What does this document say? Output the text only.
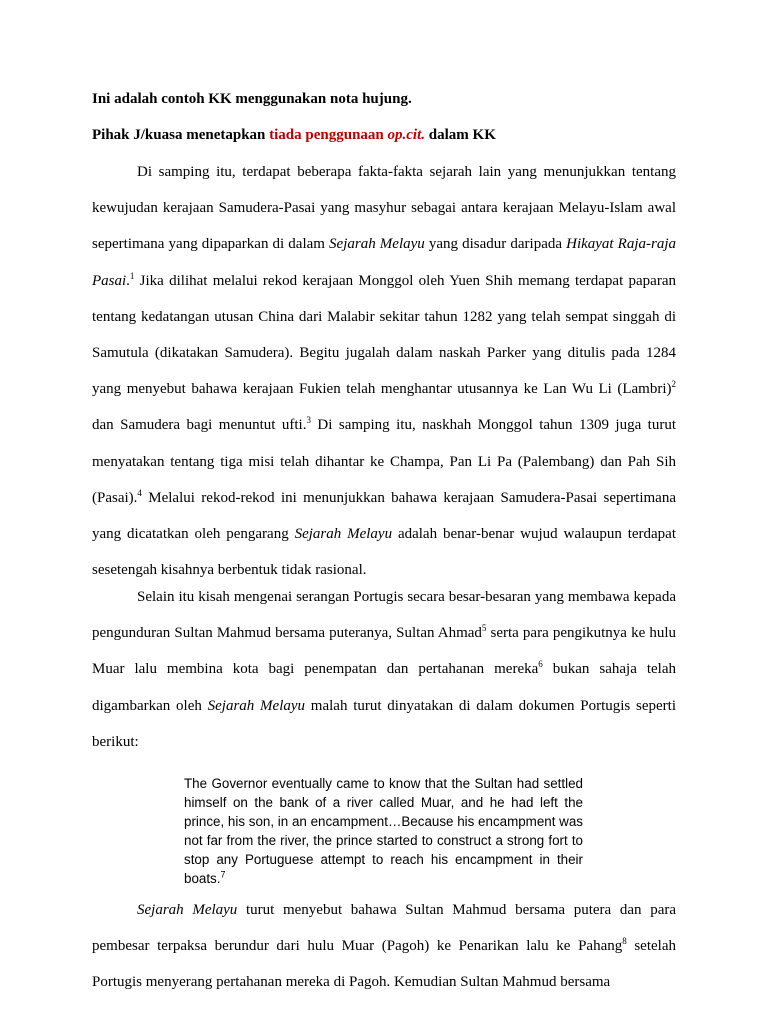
Ini adalah contoh KK menggunakan nota hujung.
Pihak J/kuasa menetapkan tiada penggunaan op.cit. dalam KK

Di samping itu, terdapat beberapa fakta-fakta sejarah lain yang menunjukkan tentang kewujudan kerajaan Samudera-Pasai yang masyhur sebagai antara kerajaan Melayu-Islam awal sepertimana yang dipaparkan di dalam Sejarah Melayu yang disadur daripada Hikayat Raja-raja Pasai.$^1$ Jika dilihat melalui rekod kerajaan Monggol oleh Yuen Shih memang terdapat paparan tentang kedatangan utusan China dari Malabir sekitar tahun 1282 yang telah sempat singgah di Samutula (dikatakan Samudera). Begitu jugalah dalam naskah Parker yang ditulis pada 1284 yang menyebut bahawa kerajaan Fukien telah menghantar utusannya ke Lan Wu Li (Lambri)$^2$ dan Samudera bagi menuntut ufti.$^3$ Di samping itu, naskhah Monggol tahun 1309 juga turut menyatakan tentang tiga misi telah dihantar ke Champa, Pan Li Pa (Palembang) dan Pah Sih (Pasai).$^4$ Melalui rekod-rekod ini menunjukkan bahawa kerajaan Samudera-Pasai sepertimana yang dicatatkan oleh pengarang Sejarah Melayu adalah benar-benar wujud walaupun terdapat sesetengah kisahnya berbentuk tidak rasional.

Selain itu kisah mengenai serangan Portugis secara besar-besaran yang membawa kepada pengunduran Sultan Mahmud bersama puteranya, Sultan Ahmad$^5$ serta para pengikutnya ke hulu Muar lalu membina kota bagi penempatan dan pertahanan mereka$^6$ bukan sahaja telah digambarkan oleh Sejarah Melayu malah turut dinyatakan di dalam dokumen Portugis seperti berikut:

The Governor eventually came to know that the Sultan had settled himself on the bank of a river called Muar, and he had left the prince, his son, in an encampment…Because his encampment was not far from the river, the prince started to construct a strong fort to stop any Portuguese attempt to reach his encampment in their boats.$^7$

Sejarah Melayu turut menyebut bahawa Sultan Mahmud bersama putera dan para pembesar terpaksa berundur dari hulu Muar (Pagoh) ke Penarikan lalu ke Pahang$^8$ setelah Portugis menyerang pertahanan mereka di Pagoh. Kemudian Sultan Mahmud bersama
